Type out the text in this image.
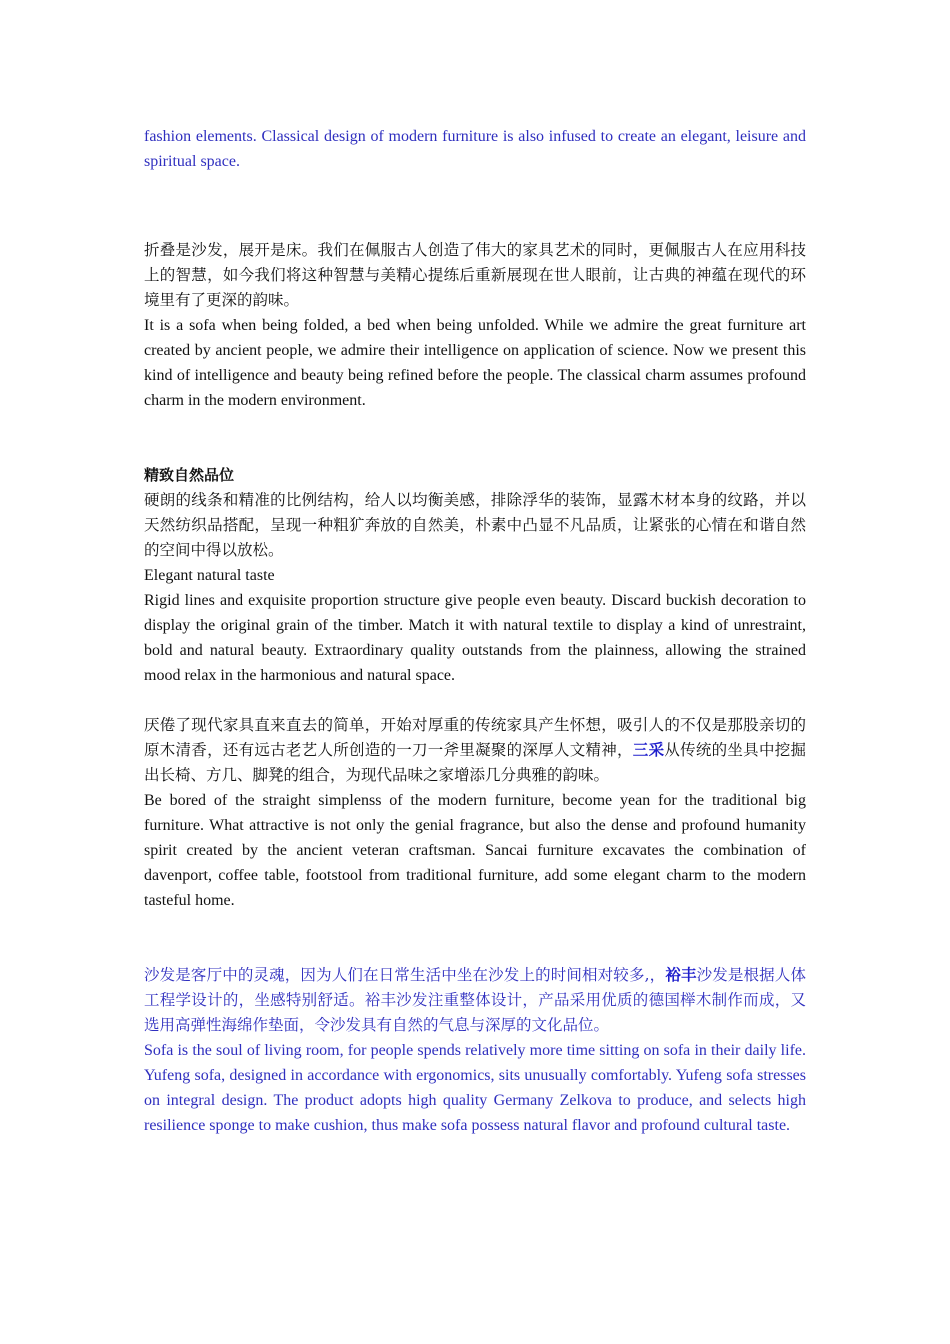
fashion elements. Classical design of modern furniture is also infused to create an elegant, leisure and spiritual space.

折叠是沙发，展开是床。我们在佩服古人创造了伟大的家具艺术的同时，更佩服古人在应用科技上的智慧，如今我们将这种智慧与美精心提练后重新展现在世人眼前，让古典的神蕴在现代的环境里有了更深的韵味。

It is a sofa when being folded, a bed when being unfolded. While we admire the great furniture art created by ancient people, we admire their intelligence on application of science. Now we present this kind of intelligence and beauty being refined before the people. The classical charm assumes profound charm in the modern environment.

精致自然品位

硬朗的线条和精准的比例结构，给人以均衡美感，排除浮华的装饰，显露木材本身的纹路，并以天然纺织品搭配，呈现一种粗犷奔放的自然美，朴素中凸显不凡品质，让紧张的心情在和谐自然的空间中得以放松。

Elegant natural taste

Rigid lines and exquisite proportion structure give people even beauty. Discard buckish decoration to display the original grain of the timber. Match it with natural textile to display a kind of unrestraint, bold and natural beauty. Extraordinary quality outstands from the plainness, allowing the strained mood relax in the harmonious and natural space.

厌倦了现代家具直来直去的简单，开始对厚重的传统家具产生怀想，吸引人的不仅是那股亲切的原木清香，还有远古老艺人所创造的一刀一斧里凝聚的深厚人文精神，三采从传统的坐具中挖掘出长椅、方几、脚凳的组合，为现代品味之家增添几分典雅的韵味。

Be bored of the straight simplenss of the modern furniture, become yean for the traditional big furniture. What attractive is not only the genial fragrance, but also the dense and profound humanity spirit created by the ancient veteran craftsman. Sancai furniture excavates the combination of davenport, coffee table, footstool from traditional furniture, add some elegant charm to the modern tasteful home.

沙发是客厅中的灵魂，因为人们在日常生活中坐在沙发上的时间相对较多,，裕丰沙发是根据人体工程学设计的，坐感特别舒适。裕丰沙发注重整体设计，产品采用优质的德国榉木制作而成，又选用高弹性海绵作垫面，令沙发具有自然的气息与深厚的文化品位。

Sofa is the soul of living room, for people spends relatively more time sitting on sofa in their daily life. Yufeng sofa, designed in accordance with ergonomics, sits unusually comfortably. Yufeng sofa stresses on integral design. The product adopts high quality Germany Zelkova to produce, and selects high resilience sponge to make cushion, thus make sofa possess natural flavor and profound cultural taste.
